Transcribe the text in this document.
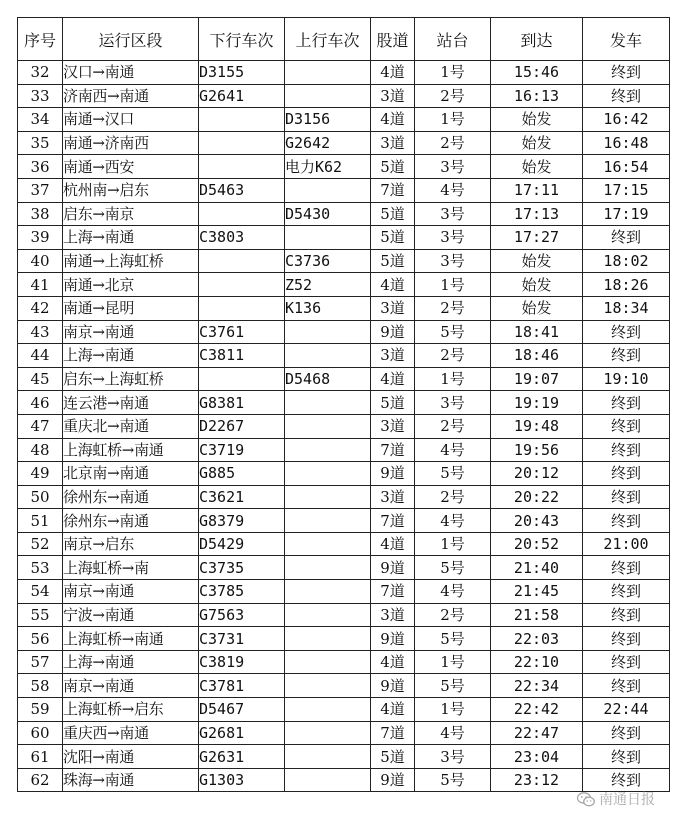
序号	运行区段	下行车次	上行车次	股道	站台	到达	发车
32	汉口→南通	D3155		4道	1号	15:46	终到
33	济南西→南通	G2641		3道	2号	16:13	终到
34	南通→汉口		D3156	4道	1号	始发	16:42
35	南通→济南西		G2642	3道	2号	始发	16:48
36	南通→西安		电力K62	5道	3号	始发	16:54
37	杭州南→启东	D5463		7道	4号	17:11	17:15
38	启东→南京		D5430	5道	3号	17:13	17:19
39	上海→南通	C3803		5道	3号	17:27	终到
40	南通→上海虹桥		C3736	5道	3号	始发	18:02
41	南通→北京		Z52	4道	1号	始发	18:26
42	南通→昆明		K136	3道	2号	始发	18:34
43	南京→南通	C3761		9道	5号	18:41	终到
44	上海→南通	C3811		3道	2号	18:46	终到
45	启东→上海虹桥		D5468	4道	1号	19:07	19:10
46	连云港→南通	G8381		5道	3号	19:19	终到
47	重庆北→南通	D2267		3道	2号	19:48	终到
48	上海虹桥→南通	C3719		7道	4号	19:56	终到
49	北京南→南通	G885		9道	5号	20:12	终到
50	徐州东→南通	C3621		3道	2号	20:22	终到
51	徐州东→南通	G8379		7道	4号	20:43	终到
52	南京→启东	D5429		4道	1号	20:52	21:00
53	上海虹桥→南	C3735		9道	5号	21:40	终到
54	南京→南通	C3785		7道	4号	21:45	终到
55	宁波→南通	G7563		3道	2号	21:58	终到
56	上海虹桥→南通	C3731		9道	5号	22:03	终到
57	上海→南通	C3819		4道	1号	22:10	终到
58	南京→南通	C3781		9道	5号	22:34	终到
59	上海虹桥→启东	D5467		4道	1号	22:42	22:44
60	重庆西→南通	G2681		7道	4号	22:47	终到
61	沈阳→南通	G2631		5道	3号	23:04	终到
62	珠海→南通	G1303		9道	5号	23:12	终到
南通日报
